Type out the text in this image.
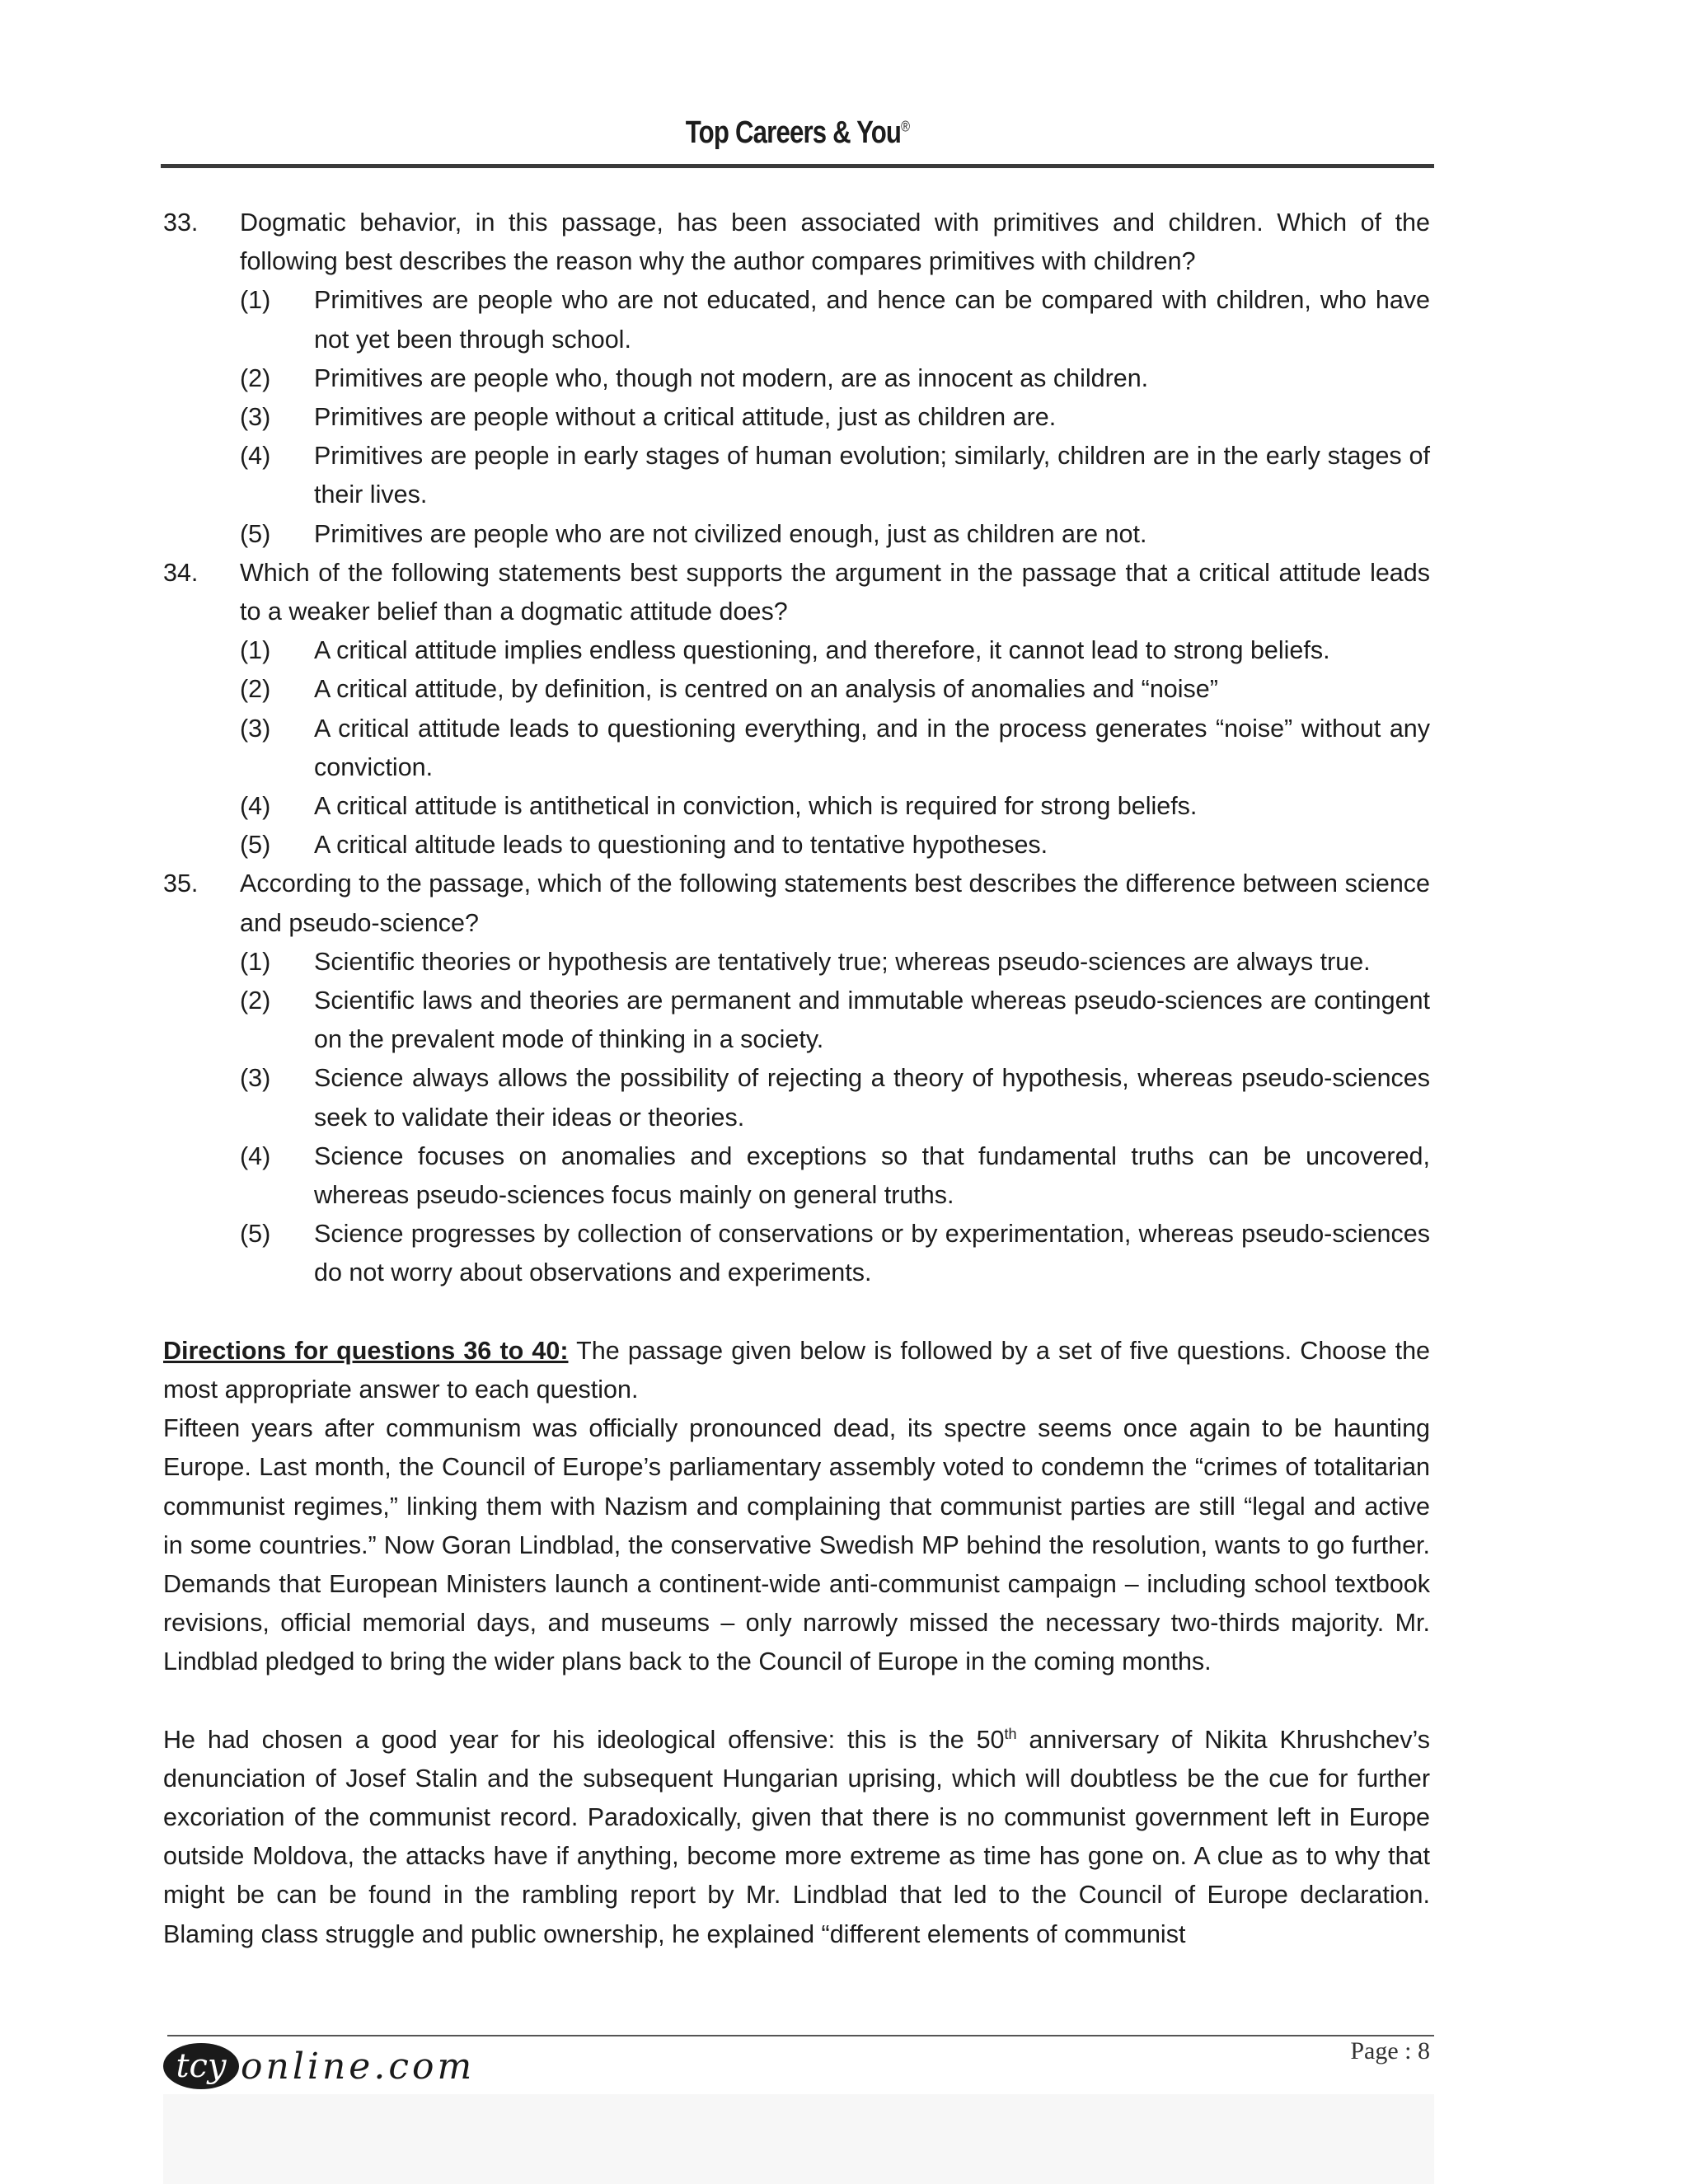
Top Careers & You®
33.	Dogmatic behavior, in this passage, has been associated with primitives and children. Which of the following best describes the reason why the author compares primitives with children?
(1)	Primitives are people who are not educated, and hence can be compared with children, who have not yet been through school.
(2)	Primitives are people who, though not modern, are as innocent as children.
(3)	Primitives are people without a critical attitude, just as children are.
(4)	Primitives are people in early stages of human evolution; similarly, children are in the early stages of their lives.
(5)	Primitives are people who are not civilized enough, just as children are not.
34.	Which of the following statements best supports the argument in the passage that a critical attitude leads to a weaker belief than a dogmatic attitude does?
(1)	A critical attitude implies endless questioning, and therefore, it cannot lead to strong beliefs.
(2)	A critical attitude, by definition, is centred on an analysis of anomalies and “noise”
(3)	A critical attitude leads to questioning everything, and in the process generates “noise” without any conviction.
(4)	A critical attitude is antithetical in conviction, which is required for strong beliefs.
(5)	A critical altitude leads to questioning and to tentative hypotheses.
35.	According to the passage, which of the following statements best describes the difference between science and pseudo-science?
(1)	Scientific theories or hypothesis are tentatively true; whereas pseudo-sciences are always true.
(2)	Scientific laws and theories are permanent and immutable whereas pseudo-sciences are contingent on the prevalent mode of thinking in a society.
(3)	Science always allows the possibility of rejecting a theory of hypothesis, whereas pseudo-sciences seek to validate their ideas or theories.
(4)	Science focuses on anomalies and exceptions so that fundamental truths can be uncovered, whereas pseudo-sciences focus mainly on general truths.
(5)	Science progresses by collection of conservations or by experimentation, whereas pseudo-sciences do not worry about observations and experiments.
Directions for questions 36 to 40: The passage given below is followed by a set of five questions. Choose the most appropriate answer to each question.
Fifteen years after communism was officially pronounced dead, its spectre seems once again to be haunting Europe. Last month, the Council of Europe’s parliamentary assembly voted to condemn the “crimes of totalitarian communist regimes,” linking them with Nazism and complaining that communist parties are still “legal and active in some countries.” Now Goran Lindblad, the conservative Swedish MP behind the resolution, wants to go further. Demands that European Ministers launch a continent-wide anti-communist campaign – including school textbook revisions, official memorial days, and museums – only narrowly missed the necessary two-thirds majority. Mr. Lindblad pledged to bring the wider plans back to the Council of Europe in the coming months.
He had chosen a good year for his ideological offensive: this is the 50th anniversary of Nikita Khrushchev’s denunciation of Josef Stalin and the subsequent Hungarian uprising, which will doubtless be the cue for further excoriation of the communist record. Paradoxically, given that there is no communist government left in Europe outside Moldova, the attacks have if anything, become more extreme as time has gone on. A clue as to why that might be can be found in the rambling report by Mr. Lindblad that led to the Council of Europe declaration. Blaming class struggle and public ownership, he explained “different elements of communist
tcy online.com	Page : 8
